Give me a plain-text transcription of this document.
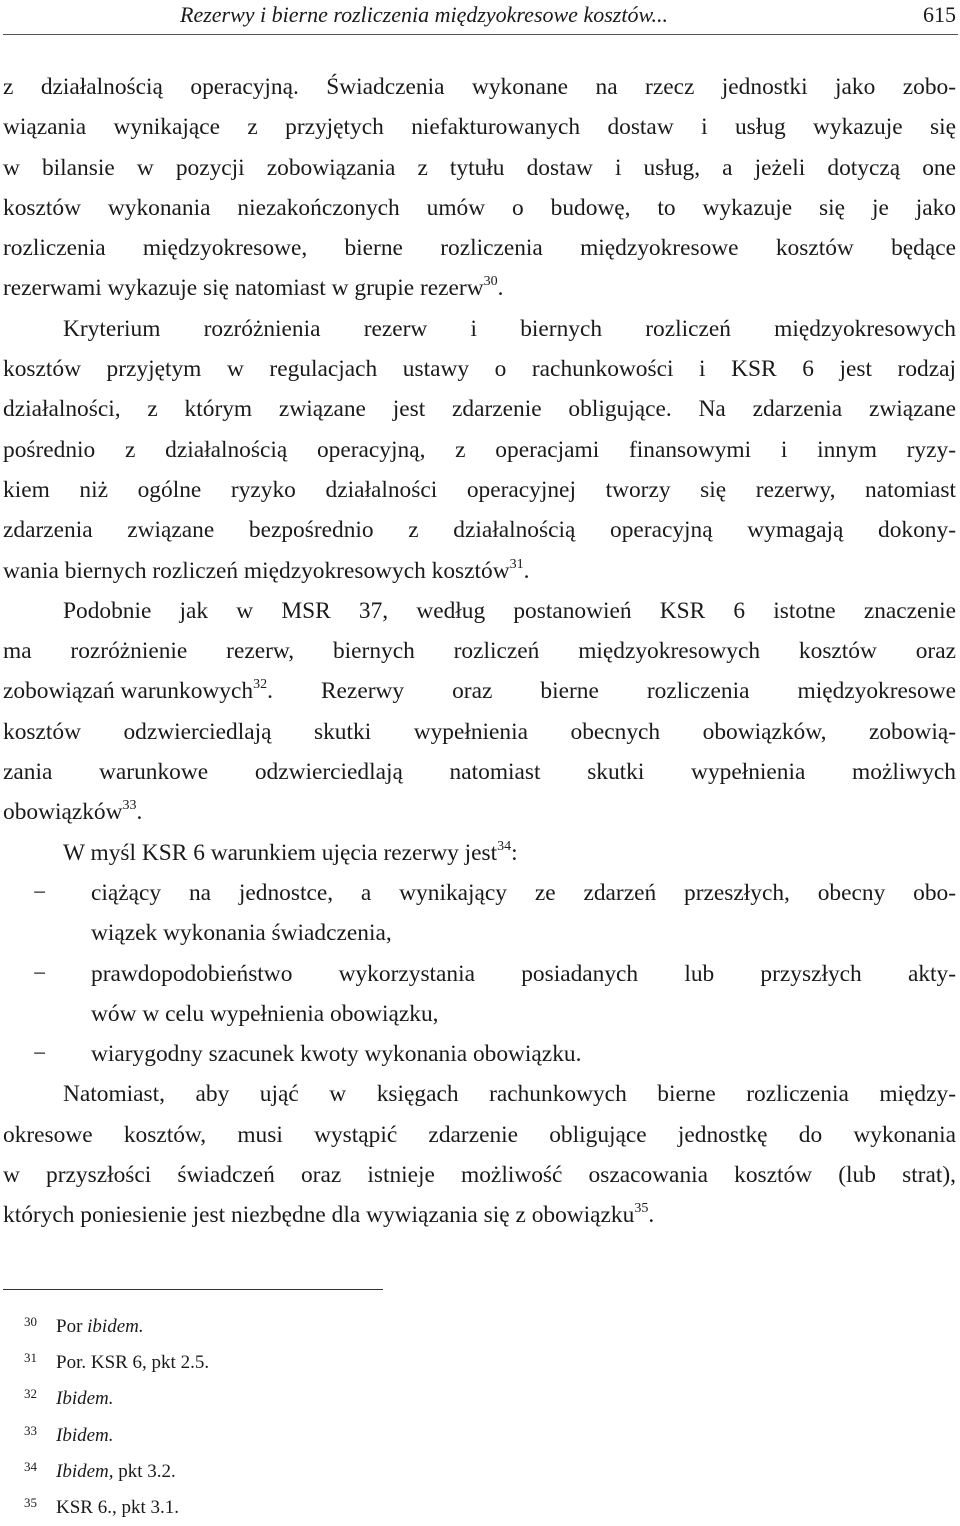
Rezerwy i bierne rozliczenia międzyokresowe kosztów...	615
z działalnością operacyjną. Świadczenia wykonane na rzecz jednostki jako zobo-
wiązania wynikające z przyjętych niefakturowanych dostaw i usług wykazuje się
w bilansie w pozycji zobowiązania z tytułu dostaw i usług, a jeżeli dotyczą one
kosztów wykonania niezakończonych umów o budowę, to wykazuje się je jako
rozliczenia międzyokresowe, bierne rozliczenia międzyokresowe kosztów będące
rezerwami wykazuje się natomiast w grupie rezerw$^{30}$.
Kryterium rozróżnienia rezerw i biernych rozliczeń międzyokresowych
kosztów przyjętym w regulacjach ustawy o rachunkowości i KSR 6 jest rodzaj
działalności, z którym związane jest zdarzenie obligujące. Na zdarzenia związane
pośrednio z działalnością operacyjną, z operacjami finansowymi i innym ryzy-
kiem niż ogólne ryzyko działalności operacyjnej tworzy się rezerwy, natomiast
zdarzenia związane bezpośrednio z działalnością operacyjną wymagają dokony-
wania biernych rozliczeń międzyokresowych kosztów$^{31}$.
Podobnie jak w MSR 37, według postanowień KSR 6 istotne znaczenie
ma rozróżnienie rezerw, biernych rozliczeń międzyokresowych kosztów oraz
zobowiązań warunkowych$^{32}$ . Rezerwy oraz bierne rozliczenia międzyokresowe
kosztów odzwierciedlają skutki wypełnienia obecnych obowiązków, zobowią-
zania warunkowe odzwierciedlają natomiast skutki wypełnienia możliwych
obowiązków$^{33}$.
W myśl KSR 6 warunkiem ujęcia rezerwy jest$^{34}$:
−	ciążący na jednostce, a wynikający ze zdarzeń przeszłych, obecny obo-
wiązek wykonania świadczenia,
−	prawdopodobieństwo wykorzystania posiadanych lub przyszłych akty-
wów w celu wypełnienia obowiązku,
−	wiarygodny szacunek kwoty wykonania obowiązku.
Natomiast, aby ująć w księgach rachunkowych bierne rozliczenia między-
okresowe kosztów, musi wystąpić zdarzenie obligujące jednostkę do wykonania
w przyszłości świadczeń oraz istnieje możliwość oszacowania kosztów (lub strat),
których poniesienie jest niezbędne dla wywiązania się z obowiązku$^{35}$.
30	Por ibidem.
31	Por. KSR 6, pkt 2.5.
32	Ibidem.
33	Ibidem.
34	Ibidem, pkt 3.2.
35	KSR 6., pkt 3.1.
